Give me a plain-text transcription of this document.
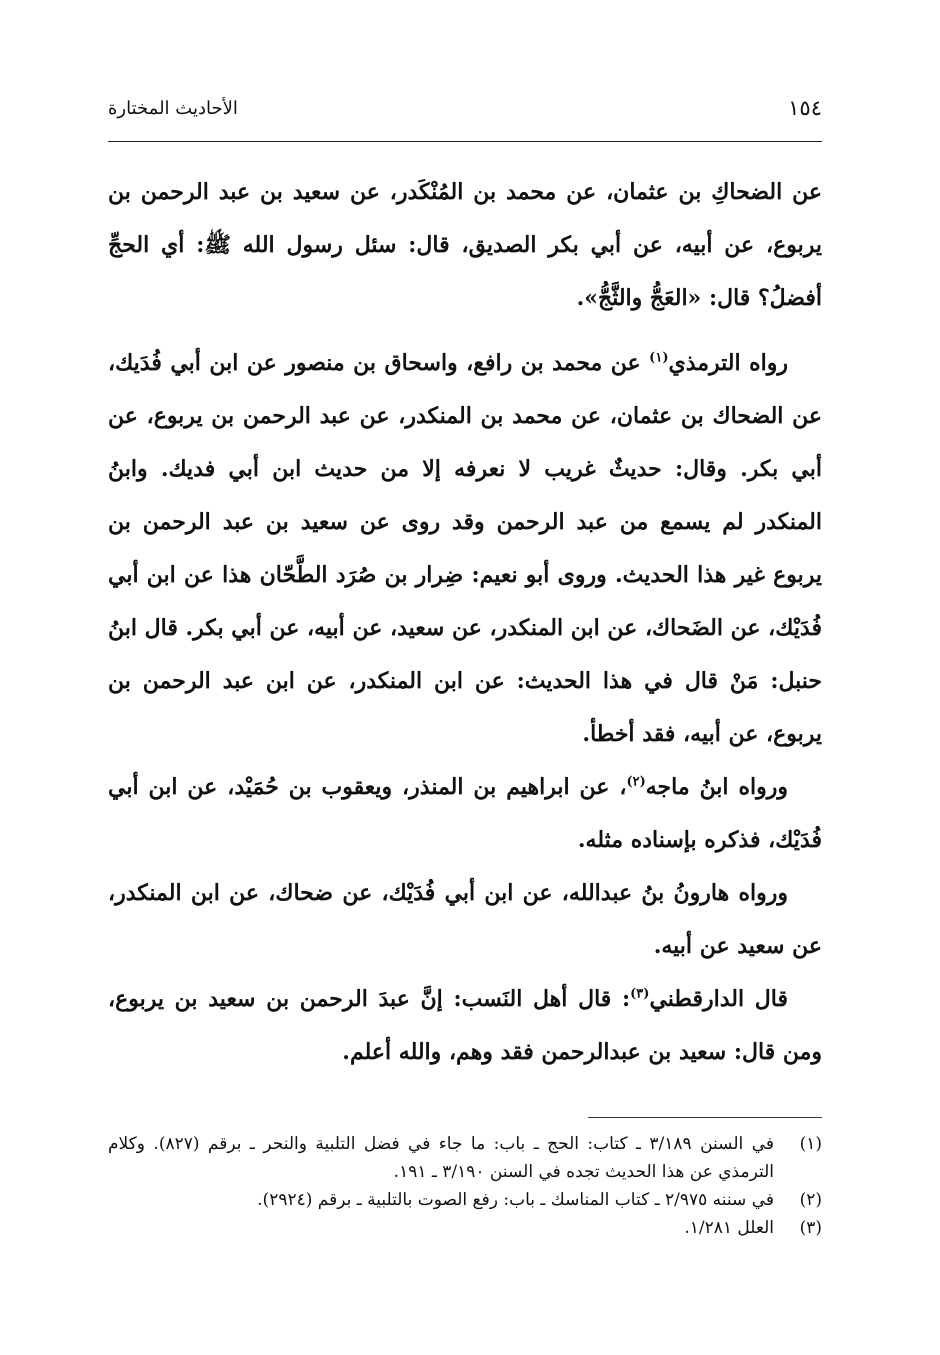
١٥٤
الأحاديث المختارة

عن الضحاكِ بن عثمان، عن محمد بن المُنْكَدر، عن سعيد بن عبد الرحمن بن يربوع، عن أبيه، عن أبي بكر الصديق، قال: سئل رسول الله ﷺ: أي الحجِّ أفضلُ؟ قال: «العَجُّ والثَّجُّ».

رواه الترمذي$^{(١)}$ عن محمد بن رافع، واسحاق بن منصور عن ابن أبي فُدَيك، عن الضحاك بن عثمان، عن محمد بن المنكدر، عن عبد الرحمن بن يربوع، عن أبي بكر. وقال: حديثٌ غريب لا نعرفه إلا من حديث ابن أبي فديك. وابنُ المنكدر لم يسمع من عبد الرحمن وقد روى عن سعيد بن عبد الرحمن بن يربوع غير هذا الحديث. وروى أبو نعيم: ضِرار بن صُرَد الطَّحّان هذا عن ابن أبي فُدَيْك، عن الضَحاك، عن ابن المنكدر، عن سعيد، عن أبيه، عن أبي بكر. قال ابنُ حنبل: مَنْ قال في هذا الحديث: عن ابن المنكدر، عن ابن عبد الرحمن بن يربوع، عن أبيه، فقد أخطأ.

ورواه ابنُ ماجه$^{(٢)}$، عن ابراهيم بن المنذر، ويعقوب بن حُمَيْد، عن ابن أبي فُدَيْك، فذكره بإسناده مثله.

ورواه هارونُ بنُ عبدالله، عن ابن أبي فُدَيْك، عن ضحاك، عن ابن المنكدر، عن سعيد عن أبيه.

قال الدارقطني$^{(٣)}$: قال أهل النَسب: إنَّ عبدَ الرحمن بن سعيد بن يربوع، ومن قال: سعيد بن عبدالرحمن فقد وهم، والله أعلم.

(١)
في السنن ٣/١٨٩ ـ كتاب: الحج ـ باب: ما جاء في فضل التلبية والنحر ـ برقم (٨٢٧). وكلام الترمذي عن هذا الحديث تجده في السنن ٣/١٩٠ ـ ١٩١.
(٢)
في سننه ٢/٩٧٥ ـ كتاب المناسك ـ باب: رفع الصوت بالتلبية ـ برقم (٢٩٢٤).
(٣)
العلل ١/٢٨١.
